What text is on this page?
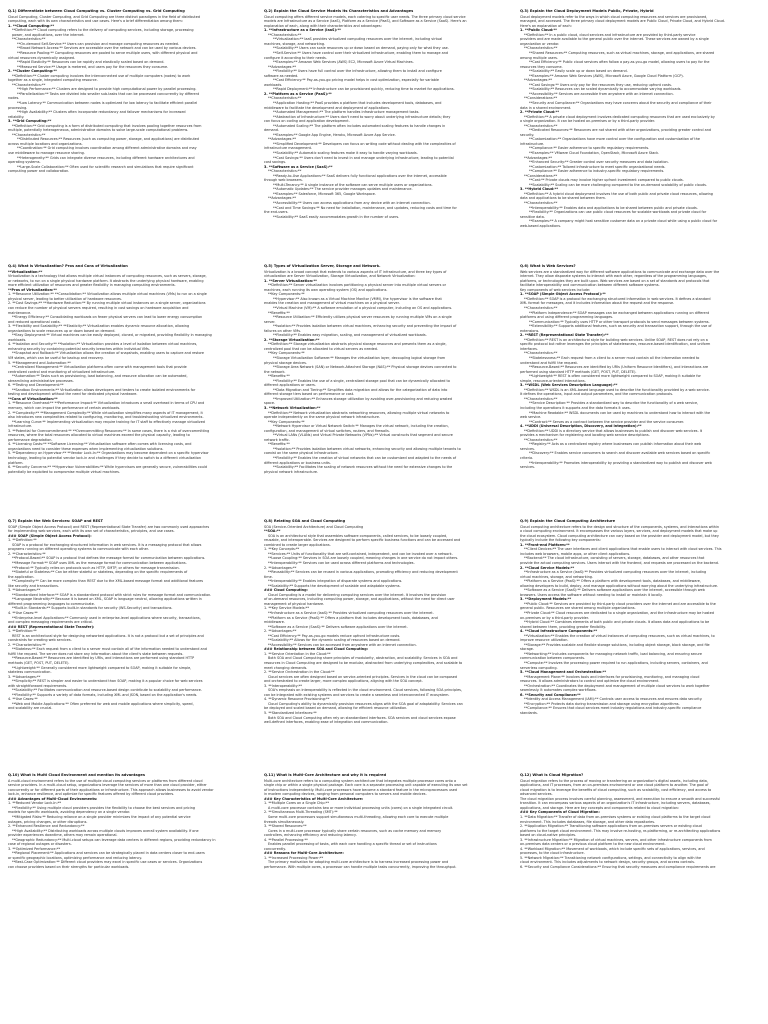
Q.1) Differentiate between Cloud Computing vs. Cluster Computing vs. Grid Computing
Cloud Computing, Cluster Computing, and Grid Computing are three distinct paradigms in the field of distributed
computing, each with its own characteristics and use cases. Here's a brief differentiation among them:
1. **Cloud Computing:**
**Definition:** Cloud computing refers to the delivery of computing services, including storage, processing
power, and applications, over the internet.
**Characteristics:**
**On-demand Self-Service:** Users can provision and manage computing resources as needed.
**Broad Network Access:** Services are accessible over the network and can be used by various devices.
**Resource Pooling:** Computing resources are pooled to serve multiple users, with different physical and
virtual resources dynamically assigned.
**Rapid Elasticity:** Resources can be rapidly and elastically scaled based on demand.
**Measured Service:** Usage is metered, and users pay for the resources they consume.
2. **Cluster Computing:**
**Definition:** Cluster computing involves the interconnected use of multiple computers (nodes) to work
together as a single, integrated computing resource.
**Characteristics:**
**High Performance:** Clusters are designed to provide high computational power by parallel processing.
**Parallelization:** Tasks are divided into smaller sub-tasks that can be processed concurrently by different
nodes.
**Low Latency:** Communication between nodes is optimized for low latency to facilitate efficient parallel
processing.
**High Availability:** Clusters often incorporate redundancy and failover mechanisms for increased
reliability.
3. **Grid Computing:**
**Definition:** Grid computing is a form of distributed computing that involves pooling together resources from
multiple, potentially heterogeneous, administrative domains to solve large-scale computational problems.
**Characteristics:**
**Distributed Resources:** Resources (such as computing power, storage, and applications) are distributed
across multiple locations and organizations.
**Coordination:** Grid computing involves coordination among different administrative domains and may
use middleware to manage resource sharing.
**Heterogeneity:** Grids can integrate diverse resources, including different hardware architectures and
operating systems.
**Large-Scale Collaboration:** Often used for scientific research and simulations that require significant
computing power and collaboration.
Q.2) Explain the Cloud Service Models its Characteristics and Advantages
Cloud computing offers different service models, each catering to specific user needs. The three primary cloud service
models are Infrastructure as a Service (IaaS), Platform as a Service (PaaS), and Software as a Service (SaaS). Here's an
explanation of each, along with their characteristics and advantages:
1. **Infrastructure as a Service (IaaS):**
**Characteristics:**
**Virtualization:** IaaS provides virtualized computing resources over the internet, including virtual
machines, storage, and networking.
**Scalability:** Users can scale resources up or down based on demand, paying only for what they use.
**Self-Service:** Users have control over their virtualized infrastructure, enabling them to manage and
configure it according to their needs.
**Examples:** Amazon Web Services (AWS) EC2, Microsoft Azure Virtual Machines.
**Advantages:**
**Flexibility:** Users have full control over the infrastructure, allowing them to install and configure
software as needed.
**Cost Efficiency:** Pay-as-you-go pricing model helps in cost optimization, especially for variable
workloads.
**Rapid Deployment:** Infrastructure can be provisioned quickly, reducing time to market for applications.
2. **Platform as a Service (PaaS):**
**Characteristics:**
**Application Hosting:** PaaS provides a platform that includes development tools, databases, and
middleware to facilitate the development and deployment of applications.
**Automated Management:** The platform handles infrastructure management tasks.
**Abstraction of Infrastructure:** Users don't need to worry about underlying infrastructure details; they
can focus on coding and application development.
**Automated Scaling:** The platform often includes automated scaling features to handle changes in
demand.
**Examples:** Google App Engine, Heroku, Microsoft Azure App Service.
**Advantages:**
**Simplified Development:** Developers can focus on writing code without dealing with the complexities of
infrastructure management.
**Scalability:** Automatic scaling features make it easy to handle varying workloads.
**Cost Savings:** Users don't need to invest in and manage underlying infrastructure, leading to potential
cost savings.
3. **Software as a Service (SaaS):**
**Characteristics:**
**Ready-to-Use Applications:** SaaS delivers fully functional applications over the internet, accessible
through web browsers.
**Multi-Tenancy:** A single instance of the software can serve multiple users or organizations.
**Automatic Updates:** The service provider manages updates and maintenance.
**Examples:** Salesforce, Microsoft 365, Google Workspace.
**Advantages:**
**Accessibility:** Users can access applications from any device with an internet connection.
**Cost and Time Savings:** No need for installation, maintenance, and updates, reducing costs and time for
the end-users.
**Scalability:** SaaS easily accommodates growth in the number of users.
Q.3) Explain the Cloud Deployment Models Public, Private, Hybrid
Cloud deployment models refer to the ways in which cloud computing resources and services are provisioned,
managed, and accessed. The three primary cloud deployment models are Public Cloud, Private Cloud, and Hybrid Cloud.
Here's an explanation of each:
1. **Public Cloud:**
**Definition:** In a public cloud, cloud services and infrastructure are provided by third-party service
providers and are made available to the general public over the internet. These services are owned by a single
organization or vendor.
**Characteristics:**
**Shared Resources:** Computing resources, such as virtual machines, storage, and applications, are shared
among multiple users.
**Cost Efficiency:** Public cloud services often follow a pay-as-you-go model, allowing users to pay for the
resources they consume.
**Scalability:** Easily scale up or down based on demand.
**Examples:** Amazon Web Services (AWS), Microsoft Azure, Google Cloud Platform (GCP).
**Advantages:**
**Cost Savings:** Users only pay for the resources they use, reducing upfront costs.
**Scalability:** Resources can be scaled dynamically to accommodate varying workloads.
**Accessibility:** Services are accessible from anywhere with an internet connection.
**Considerations:**
**Security and Compliance:** Organizations may have concerns about the security and compliance of their
data in a shared environment.
2. **Private Cloud:**
**Definition:** A private cloud deployment involves dedicated computing resources that are used exclusively by
a single organization. It can be hosted on-premises or by a third-party provider.
**Characteristics:**
**Dedicated Resources:** Resources are not shared with other organizations, providing greater control and
security.
**Customization:** Organizations have more control over the configuration and customization of the
infrastructure.
**Compliance:** Easier adherence to specific regulatory requirements.
**Examples:** VMware Cloud Foundation, OpenStack, Microsoft Azure Stack.
**Advantages:**
**Enhanced Security:** Greater control over security measures and data isolation.
**Customization:** Tailored infrastructure to meet specific organizational needs.
**Compliance:** Easier adherence to industry-specific regulatory requirements.
**Considerations:**
**Cost:** Private clouds may involve higher upfront investment compared to public clouds.
**Scalability:** Scaling can be more challenging compared to the on-demand scalability of public clouds.
3. **Hybrid Cloud:**
**Definition:** A hybrid cloud deployment involves the use of both public and private cloud resources, allowing
data and applications to be shared between them.
**Characteristics:**
**Interoperability:** Enables data and applications to be shared between public and private clouds.
**Flexibility:** Organizations can use public cloud resources for scalable workloads and private cloud for
sensitive data.
**Examples:** A company might host sensitive customer data on a private cloud while using a public cloud for
web-based applications.
Q.4) What is Virtualization? Pros and Cons of Virtualization
**Virtualization:**
Virtualization is a technology that allows multiple virtual instances of computing resources, such as servers, storage,
or networks, to run on a single physical hardware platform. It abstracts the underlying physical hardware, enabling
more efficient utilization of resources and greater flexibility in managing computing environments.
**Pros of Virtualization:**
1. **Resource Utilization:** **Consolidation:** Virtualization allows multiple virtual machines (VMs) to run on a single
physical server, leading to better utilization of hardware resources.
2. **Cost Savings:** **Hardware Reduction:** By running multiple virtual instances on a single server, organizations
can reduce the number of physical servers required, resulting in cost savings on hardware acquisition and
maintenance.
**Energy Efficiency:** Consolidating workloads on fewer physical servers can lead to lower energy consumption
and reduced operational costs.
3. **Flexibility and Scalability:** **Elasticity:** Virtualization enables dynamic resource allocation, allowing
organizations to scale resources up or down based on demand.
**Easy Deployment:** Virtual machines can be easily deployed, cloned, or migrated, providing flexibility in managing
workloads.
4. **Isolation and Security:** **Isolation:** Virtualization provides a level of isolation between virtual machines,
enhancing security by containing potential security breaches within individual VMs.
**Snapshot and Rollback:** Virtualization allows the creation of snapshots, enabling users to capture and restore
VM states, which can be useful for backup and recovery.
5. **Management and Automation:**
**Centralized Management:** Virtualization platforms often come with management tools that provide
centralized control and monitoring of virtualized infrastructure.
**Automation:** Tasks such as provisioning, load balancing, and resource allocation can be automated,
streamlining administrative processes.
6. **Testing and Development:**
**Sandbox Environments:** Virtualization allows developers and testers to create isolated environments for
testing and development without the need for dedicated physical hardware.
**Cons of Virtualization:**
1. **Resource Overhead:** **Performance Impact:** Virtualization introduces a small overhead in terms of CPU and
memory, which can impact the performance of certain workloads.
2. **Complexity:** **Management Complexity:** While virtualization simplifies many aspects of IT management, it
also introduces new complexities related to configuring, monitoring, and troubleshooting virtualized environments.
**Learning Curve:** Implementing virtualization may require training for IT staff to effectively manage virtualized
infrastructure.
3. **Potential for Overcommitment:** **Overcommitting Resources:** In some cases, there is a risk of overcommitting
resources, where the total resources allocated to virtual machines exceed the physical capacity, leading to
performance degradation.
4. **Licensing Costs:** **Software Licensing:** Virtualization software often comes with licensing costs, and
organizations need to consider these expenses when implementing virtualization solutions.
5. **Dependency on Hypervisor:** **Vendor Lock-In:** Organizations may become dependent on a specific hypervisor
technology, leading to potential vendor lock-in and challenges if they decide to switch to a different virtualization
platform.
6. **Security Concerns:** **Hypervisor Vulnerabilities:** While hypervisors are generally secure, vulnerabilities could
potentially be exploited to compromise multiple virtual machines.
Q.5) Types of Virtualization Server, Storage and Network.
Virtualization is a broad concept that extends to various aspects of IT infrastructure, and three key types of
virtualization are Server Virtualization, Storage Virtualization, and Network Virtualization:
1. **Server Virtualization:**
**Definition:** Server virtualization involves partitioning a physical server into multiple virtual servers or
machines, each running its own operating system (OS) and applications.
**Key Components:**
**Hypervisor:** Also known as a Virtual Machine Monitor (VMM), the hypervisor is the software that
enables the creation and management of virtual machines on a physical server.
**Virtual Machine (VM):** A software emulation of a physical computer, including an OS and applications.
**Benefits:**
**Resource Utilization:** Efficiently utilizes physical server resources by running multiple VMs on a single
server.
**Isolation:** Provides isolation between virtual machines, enhancing security and preventing the impact of
failures on other VMs.
**Flexibility:** Enables easy migration, scaling, and management of virtualized workloads.
2. **Storage Virtualization:**
**Definition:** Storage virtualization abstracts physical storage resources and presents them as a single,
centralized pool that can be allocated to virtual servers as needed.
**Key Components:**
**Storage Virtualization Software:** Manages the virtualization layer, decoupling logical storage from
physical storage devices.
**Storage Area Network (SAN) or Network-Attached Storage (NAS):** Physical storage devices connected to
the network.
**Benefits:**
**Flexibility:** Enables the use of a single, centralized storage pool that can be dynamically allocated to
different applications or users.
**Data Migration and Tiering:** Simplifies data migration and allows for the categorization of data into
different storage tiers based on performance or cost.
**Improved Utilization:** Enhances storage utilization by avoiding over-provisioning and reducing wasted
space.
3. **Network Virtualization:**
**Definition:** Network virtualization abstracts networking resources, allowing multiple virtual networks to
operate independently on the same physical network infrastructure.
**Key Components:**
**Network Hypervisor or Virtual Network Switch:** Manages the virtual network, including the creation,
configuration, and management of virtual switches, routers, and firewalls.
**Virtual LANs (VLANs) and Virtual Private Networks (VPNs):** Virtual constructs that segment and secure
network traffic.
**Benefits:**
**Isolation:** Provides isolation between virtual networks, enhancing security and allowing multiple tenants to
coexist on the same physical infrastructure.
**Flexibility:** Enables the creation of virtual networks that can be customized and adapted to the needs of
different applications or business units.
**Scalability:** Facilitates the scaling of network resources without the need for extensive changes to the
physical network infrastructure.
Q.6) What is Web Services?
Web services are a standardized way for different software applications to communicate and exchange data over the
internet. They allow disparate systems to interact with each other, regardless of the programming languages,
platforms, or technologies they are built upon. Web services are based on a set of standards and protocols that
facilitate interoperability and communication between different software systems.
Key components of web services include:
1. **SOAP (Simple Object Access Protocol):**
**Definition:** SOAP is a protocol for exchanging structured information in web services. It defines a standard
XML format for messages, and it includes information about the request and the response.
**Characteristics:**
**Platform Independence:** SOAP messages can be exchanged between applications running on different
platforms and using different programming languages.
**Communication:** Typically uses HTTP or other transport protocols to send messages between systems.
**Extensibility:** Supports additional features, such as security and transaction support, through the use of
extensions.
2. **REST (Representational State Transfer):**
**Definition:** REST is an architectural style for building web services. Unlike SOAP, REST does not rely on a
specific protocol but rather leverages the principles of statelessness, resource-based identification, and uniform
interfaces.
**Characteristics:**
**Statelessness:** Each request from a client to a server must contain all the information needed to
understand and fulfill the request.
**Resource-Based:** Resources are identified by URIs (Uniform Resource Identifiers), and interactions are
performed using standard HTTP methods (GET, POST, PUT, DELETE).
**Lightweight:** REST is often considered more lightweight compared to SOAP, making it suitable for
simple, resource-oriented interactions.
3. **WSDL (Web Services Description Language):**
**Definition:** WSDL is an XML-based language used to describe the functionality provided by a web service.
It defines the operations, input and output parameters, and the communication protocols.
**Characteristics:**
**Service Description:** Provides a standardized way to describe the functionality of a web service,
including the operations it supports and the data formats it uses.
**Machine Readable:** WSDL documents can be used by machines to understand how to interact with the
web service.
**Contract:** Serves as a contract between the service provider and the service consumer.
4. **UDDI (Universal Description, Discovery, and Integration):**
**Definition:** UDDI is a directory service that allows businesses to publish and discover web services. It
provides a mechanism for registering and locating web service descriptions.
**Characteristics:**
**Registry:** Acts as a centralized registry where businesses can publish information about their web
services.
**Discovery:** Enables service consumers to search and discover available web services based on specific
criteria.
**Interoperability:** Promotes interoperability by providing a standardized way to publish and discover web
services.
Q.7) Explain the Web Services: SOAP and REST
SOAP (Simple Object Access Protocol) and REST (Representational State Transfer) are two commonly used approaches
for implementing web services, each with its own set of characteristics, principles, and use cases.
### SOAP (Simple Object Access Protocol):
1. **Definition:**
SOAP is a protocol for exchanging structured information in web services. It is a messaging protocol that allows
programs running on different operating systems to communicate with each other.
2. **Characteristics:**
**Protocol-Based:** SOAP is a protocol that defines the message format for communication between applications.
**Message Format:** SOAP uses XML as the message format for communication between applications.
**Protocol:** Typically relies on protocols such as HTTP, SMTP, or others for message transmission.
**Stateful or Stateless:** Can be either stateful or stateless, depending on the specific requirements of
the application.
**Complexity:** Can be more complex than REST due to the XML-based message format and additional features
like security and transactions.
3. **Advantages:**
**Standardized Interface:** SOAP is a standardized protocol with strict rules for message format and communication.
**Language Neutrality:** Because it is based on XML, SOAP is language neutral, allowing applications written in
different programming languages to communicate.
**Built-in Standards:** Supports built-in standards for security (WS-Security) and transactions.
4. **Use Cases:**
**Enterprise-level Applications:** Commonly used in enterprise-level applications where security, transactions,
and complex messaging requirements are critical.
### REST (Representational State Transfer):
1. **Definition:**
REST is an architectural style for designing networked applications. It is not a protocol but a set of principles and
constraints for creating web services.
2. **Characteristics:**
**Stateless:** Each request from a client to a server must contain all of the information needed to understand and
fulfill the request. The server does not store any information about the client's state between requests.
**Resource-Based:** Resources are identified by URIs, and interactions are performed using standard HTTP
methods (GET, POST, PUT, DELETE).
**Lightweight:** Generally considered more lightweight compared to SOAP, making it suitable for simple,
stateless communication.
3. **Advantages:**
**Simplicity:** REST is simpler and easier to understand than SOAP, making it a popular choice for web services
with straightforward requirements.
**Scalability:** Facilitates communication and resource-based design contribute to scalability and performance.
**Flexibility:** Supports a variety of data formats, including XML and JSON, based on the application's needs.
4. **Use Cases:**
**Web and Mobile Applications:** Often preferred for web and mobile applications where simplicity, speed,
and scalability are crucial.
Q.8) Relating SOA and Cloud Computing
SOA (Service-Oriented Architecture) and Cloud Computing
**SOA:**
SOA is an architectural style that assembles software components, called services, to be loosely coupled,
reusable, and interoperable. Services are designed to perform specific business functions and can be accessed and
combined to create larger applications.
1. **Key Concepts:**
**Services:** Units of functionality that are self-contained, independent, and can be invoked over a network.
**Loose Coupling:** Services in SOA are loosely coupled, meaning changes in one service do not impact others.
**Interoperability:** Services can be used across different platforms and technologies.
2. **Advantages:**
**Reusability:** Services can be reused in various applications, promoting efficiency and reducing development
time.
**Interoperability:** Enables integration of disparate systems and applications.
**Scalability:** Supports the development of scalable and adaptable systems.
### Cloud Computing:
Cloud Computing is a model for delivering computing services over the internet. It involves the provision
of on-demand resources, including computing power, storage, and applications, without the need for direct user
management of physical hardware.
1. **Key Service Models:**
**Infrastructure as a Service (IaaS):** Provides virtualized computing resources over the internet.
**Platform as a Service (PaaS):** Offers a platform that includes development tools, databases, and
middleware.
**Software as a Service (SaaS):** Delivers software applications over the internet.
2. **Advantages:**
**Cost Efficiency:** Pay-as-you-go models reduce upfront infrastructure costs.
**Scalability:** Allows for the dynamic scaling of resources based on demand.
**Accessibility:** Services can be accessed from anywhere with an internet connection.
### Relationship between SOA and Cloud Computing:
1. **Service Orientation in the Cloud:**
Both SOA and Cloud Computing share principles of modularity, abstraction, and scalability. Services in SOA and
resources in Cloud Computing are designed to be modular, abstracted from underlying complexities, and scalable to
meet changing demands.
2. **Service Orchestration in the Cloud:**
Cloud services are often designed based on service-oriented principles. Services in the cloud can be composed
and orchestrated to create larger, more complex applications, aligning with the SOA concept.
3. **Interoperability:**
SOA's emphasis on interoperability is reflected in the cloud environment. Cloud services, following SOA principles,
can be integrated with existing systems and services to create a seamless and interconnected IT ecosystem.
4. **Dynamic Resource Provisioning:**
Cloud Computing's ability to dynamically provision resources aligns with the SOA goal of adaptability. Services can
be deployed and scaled based on demand, allowing for efficient resource utilization.
5. **Standardized Interfaces:**
Both SOA and Cloud Computing often rely on standardized interfaces. SOA services and cloud services expose
well-defined interfaces, enabling ease of integration and communication.
Q.9) Explain the Cloud Computing Architecture
Cloud computing architecture refers to the design and structure of the components, systems, and interactions within
a cloud computing environment. It encompasses the various layers, services, and deployment models that make up
the cloud ecosystem. Cloud computing architecture can vary based on the provider and deployment model, but they
typically include the following key components:
1. **Front-end Platform:**
**Client Devices:** The user interfaces and client applications that enable users to interact with cloud services. This
includes web browsers, mobile apps, or other client applications.
**Backend:** The cloud infrastructure, consisting of servers, storage, databases, and other resources that
provide the actual computing services. Users interact with the frontend, and requests are processed on the backend.
2. **Cloud Service Models:**
**Infrastructure as a Service (IaaS):** Provides virtualized computing resources over the internet, including
virtual machines, storage, and networking.
**Platform as a Service (PaaS):** Offers a platform with development tools, databases, and middleware,
allowing developers to build, deploy, and manage applications without worrying about the underlying infrastructure.
**Software as a Service (SaaS):** Delivers software applications over the internet, accessible through web
browsers. Users access the software without needing to install or maintain it locally.
3. **Deployment Models:**
**Public Cloud:** Services are provided by third-party cloud providers over the internet and are accessible to the
general public. Resources are shared among multiple organizations.
**Private Cloud:** Cloud resources are dedicated to a single organization, and the infrastructure may be hosted
on-premises or by a third-party provider.
**Hybrid Cloud:** Combines elements of both public and private clouds. It allows data and applications to be
shared between them, providing greater flexibility.
4. **Cloud Infrastructure Components:**
**Virtualization:** Enables the creation of virtual instances of computing resources, such as virtual machines, to
improve resource utilization.
**Storage:** Provides scalable and flexible storage solutions, including object storage, block storage, and file
storage.
**Networking:** Includes components for managing network traffic, load balancing, and ensuring secure
communication between components.
**Compute:** Involves the processing power required to run applications, including servers, containers, and
serverless computing.
5. **Cloud Management and Orchestration:**
**Management Plane:** Involves tools and interfaces for provisioning, monitoring, and managing cloud
resources. It allows administrators to control and optimize the cloud environment.
**Orchestration:** Coordinates the deployment and management of multiple cloud services to work together
seamlessly. It automates complex workflows.
6. **Security and Compliance:**
**Identity and Access Management (IAM):** Controls user access to resources and ensures data security.
**Encryption:** Protects data during transmission and storage using encryption algorithms.
**Compliance:** Ensures that cloud services meet industry regulations and industry-specific compliance
standards.
Q.10) What is Multi Cloud Environment and mention its advantages
A multi-cloud environment refers to the use of multiple cloud computing services or platforms from different cloud
service providers. In a multi-cloud setup, organizations leverage the services of more than one cloud provider, either
concurrently or for different parts of their applications or infrastructure. This approach allows businesses to avoid vendor
lock-in, enhance resilience, and optimize for specific features offered by different cloud providers.
### Advantages of Multi-Cloud Environments:
1. **Reduced Vendor Lock-In:**
**Flexibility:** Using multiple cloud providers provides the flexibility to choose the best services and pricing
models for specific workloads, avoiding dependency on a single vendor.
**Mitigated Risks:** Reducing reliance on a single provider minimizes the impact of any potential service
outages, pricing changes, or other disruptions.
2. **Enhanced Resilience and Redundancy:**
**High Availability:** Distributing workloads across multiple clouds improves overall system availability. If one
provider experiences downtime, others may remain operational.
**Geographic Redundancy:** Multi-cloud setups can leverage data centers in different regions, providing redundancy in
case of regional outages or disasters.
3. **Optimized Performance:**
**Regional Placement:** Applications and services can be strategically placed in data centers closer to end-users
or specific geographic locations, optimizing performance and reducing latency.
**Best-Case Optimization:** Different cloud providers may excel in specific use cases or services. Organizations
can choose providers based on their strengths for particular workloads.
Q.11) What is Multi-Core Architecture and why it is required
Multi-core architecture refers to a computing system architecture that integrates multiple processor cores onto a
single chip or within a single physical package. Each core is a separate processing unit capable of executing its own set
of instructions independently. Multi-core processors have become a standard feature in the microprocessors used
in modern computing devices, ranging from personal computers to servers and mobile devices.
### Key Characteristics of Multi-Core Architecture:
1. **Multiple Cores on a Single Chip:**
A multi-core processor contains two or more individual processing units (cores) on a single integrated circuit.
2. **Simultaneous Multi-Threading (SMT):**
Some multi-core processors support simultaneous multi-threading, allowing each core to execute multiple
threads simultaneously.
3. **Shared Resources:**
Cores in a multi-core processor typically share certain resources, such as cache memory and memory
controllers, enhancing efficiency and reducing latency.
4. **Parallel Processing:**
Enables parallel processing of tasks, with each core handling a specific thread or set of instructions
concurrently.
### Reasons for Multi-Core Architecture:
1. **Increased Processing Power:**
The primary motivation for adopting multi-core architecture is to harness increased processing power and
performance. With multiple cores, a processor can handle multiple tasks concurrently, improving the throughput.
Q.12) What is Cloud Migration?
Cloud migration refers to the process of moving or transferring an organization's digital assets, including data,
applications, and IT processes, from an on-premises environment or one cloud platform to another. The goal of
cloud migration is to leverage the benefits of cloud computing, such as scalability, cost efficiency, and access to
advanced services.
The cloud migration process involves careful planning, assessment, and execution to ensure a smooth and successful
transition. It can encompass various aspects of an organization's IT infrastructure, including servers, databases,
applications, and storage. Here are key concepts and components related to cloud migration:
### Key Components of Cloud Migration:
1. **Data Migration:** Transfer of data from on-premises systems or existing cloud platforms to the target cloud
environment. This includes databases, file storage, and other data repositories.
2. **Application Migration:** Transitioning software applications from on-premises servers or existing cloud
platforms to the target cloud environment. This may involve re-hosting, re-platforming, or re-architecting applications
based on cloud-native principles.
3. **Infrastructure Migration:** Migration of virtual machines, servers, and other infrastructure components from
on-premises data centers or a previous cloud platform to the new cloud environment.
4. **Workload Migration:** Movement of workloads, which include specific sets of applications, services, and
processes, to the cloud infrastructure.
5. **Network Migration:** Transitioning network configurations, settings, and connectivity to align with the
cloud environment. This includes adjustments to network design, security groups, and access controls.
6. **Security and Compliance Considerations:** Ensuring that security measures and compliance requirements are
